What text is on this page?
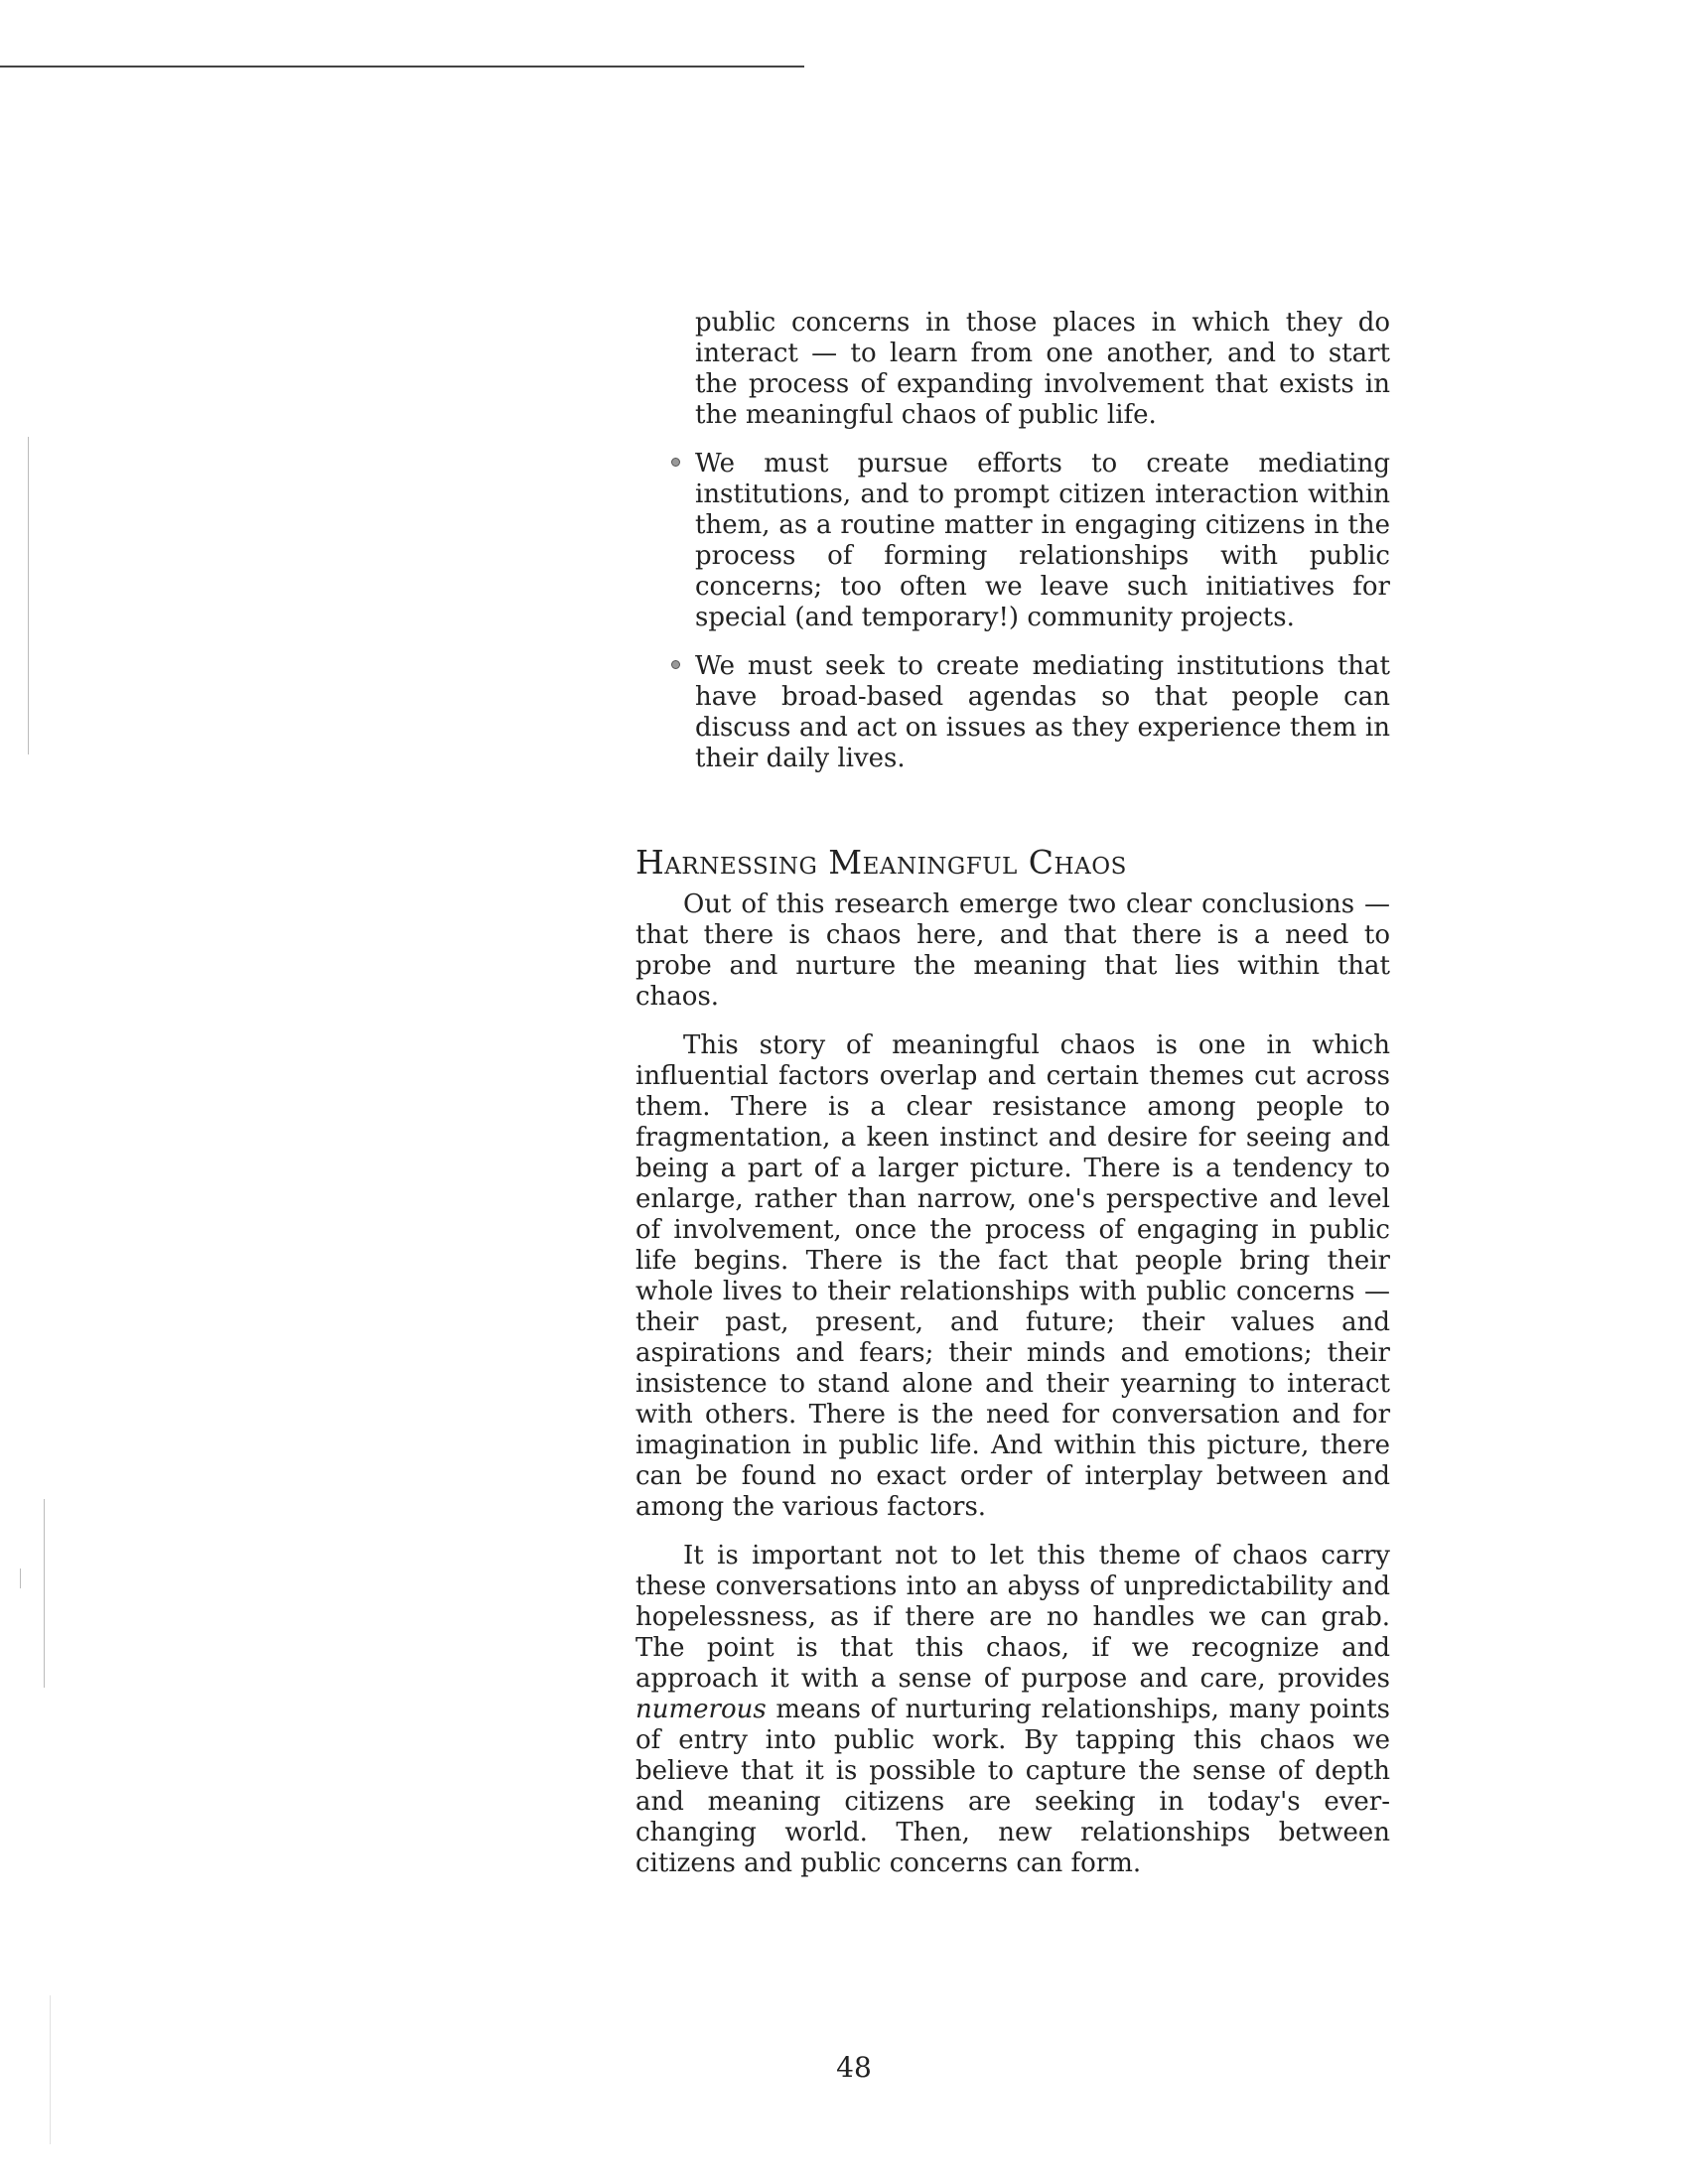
public concerns in those places in which they do interact — to learn from one another, and to start the process of expanding involvement that exists in the meaningful chaos of public life.

We must pursue efforts to create mediating institutions, and to prompt citizen interaction within them, as a routine matter in engaging citizens in the process of forming relationships with public concerns; too often we leave such initiatives for special (and temporary!) community projects.
We must seek to create mediating institutions that have broad-based agendas so that people can discuss and act on issues as they experience them in their daily lives.
Harnessing Meaningful Chaos

Out of this research emerge two clear conclusions — that there is chaos here, and that there is a need to probe and nurture the meaning that lies within that chaos.

This story of meaningful chaos is one in which influential factors overlap and certain themes cut across them. There is a clear resistance among people to fragmentation, a keen instinct and desire for seeing and being a part of a larger picture. There is a tendency to enlarge, rather than narrow, one's perspective and level of involvement, once the process of engaging in public life begins. There is the fact that people bring their whole lives to their relationships with public concerns — their past, present, and future; their values and aspirations and fears; their minds and emotions; their insistence to stand alone and their yearning to interact with others. There is the need for conversation and for imagination in public life. And within this picture, there can be found no exact order of interplay between and among the various factors.

It is important not to let this theme of chaos carry these conversations into an abyss of unpredictability and hopelessness, as if there are no handles we can grab. The point is that this chaos, if we recognize and approach it with a sense of purpose and care, provides numerous means of nurturing relationships, many points of entry into public work. By tapping this chaos we believe that it is possible to capture the sense of depth and meaning citizens are seeking in today's ever-changing world. Then, new relationships between citizens and public concerns can form.

48
